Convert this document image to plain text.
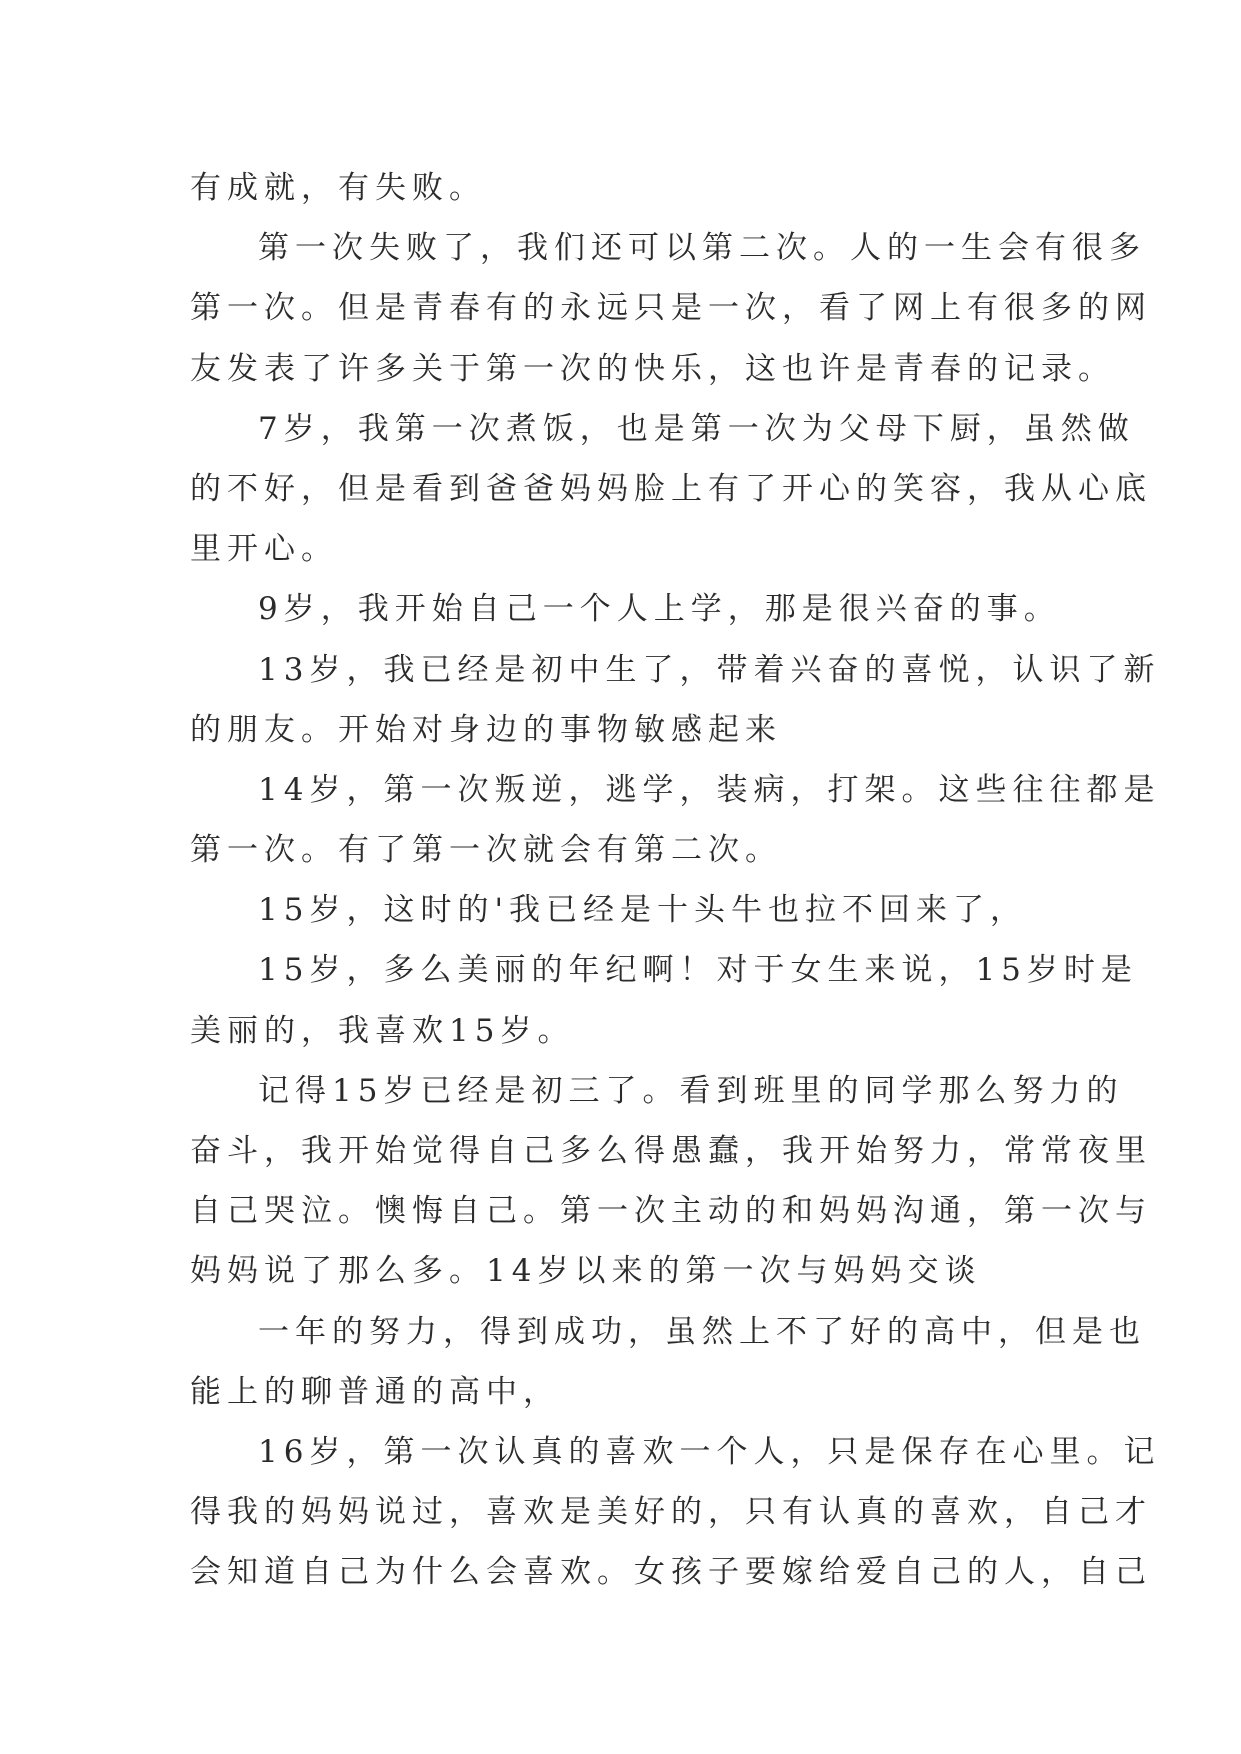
有成就，有失败。
第一次失败了，我们还可以第二次。人的一生会有很多
第一次。但是青春有的永远只是一次，看了网上有很多的网
友发表了许多关于第一次的快乐，这也许是青春的记录。
7岁，我第一次煮饭，也是第一次为父母下厨，虽然做
的不好，但是看到爸爸妈妈脸上有了开心的笑容，我从心底
里开心。
9岁，我开始自己一个人上学，那是很兴奋的事。
13岁，我已经是初中生了，带着兴奋的喜悦，认识了新
的朋友。开始对身边的事物敏感起来
14岁，第一次叛逆，逃学，装病，打架。这些往往都是
第一次。有了第一次就会有第二次。
15岁，这时的'我已经是十头牛也拉不回来了，
15岁，多么美丽的年纪啊！对于女生来说，15岁时是
美丽的，我喜欢15岁。
记得15岁已经是初三了。看到班里的同学那么努力的
奋斗，我开始觉得自己多么得愚蠢，我开始努力，常常夜里
自己哭泣。懊悔自己。第一次主动的和妈妈沟通，第一次与
妈妈说了那么多。14岁以来的第一次与妈妈交谈
一年的努力，得到成功，虽然上不了好的高中，但是也
能上的聊普通的高中，
16岁，第一次认真的喜欢一个人，只是保存在心里。记
得我的妈妈说过，喜欢是美好的，只有认真的喜欢，自己才
会知道自己为什么会喜欢。女孩子要嫁给爱自己的人，自己
